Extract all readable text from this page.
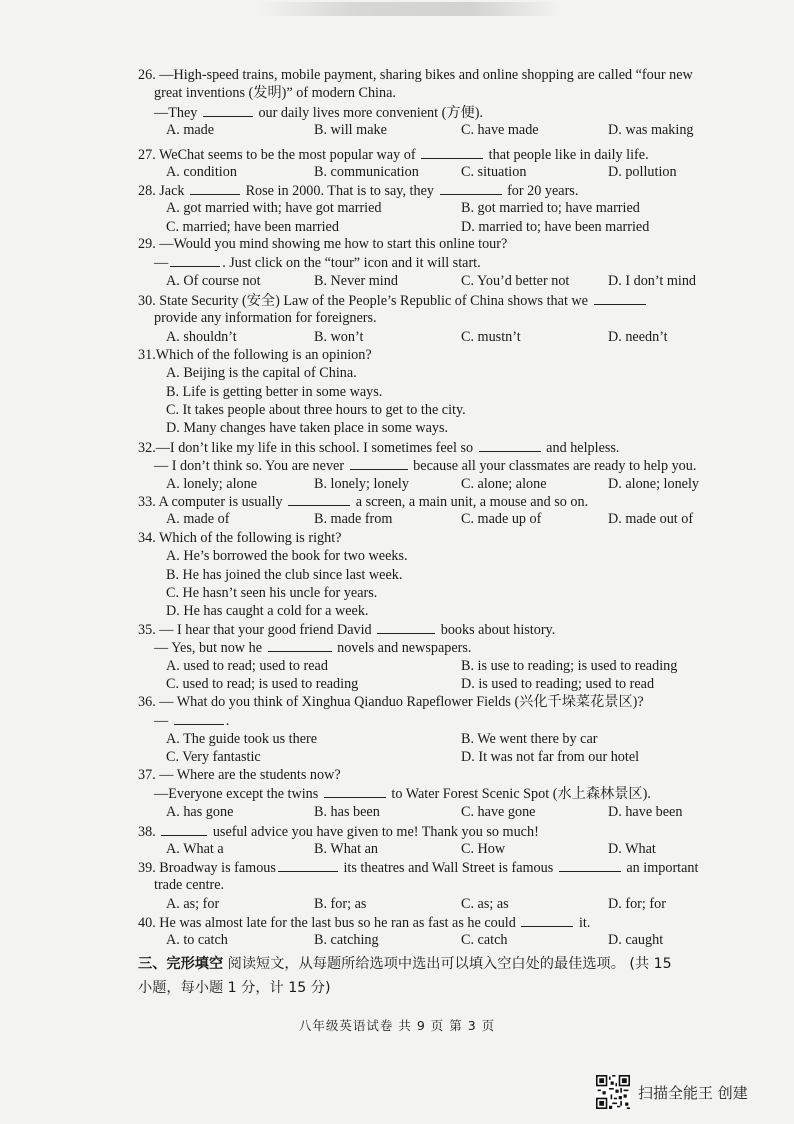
26. —High-speed trains, mobile payment, sharing bikes and online shopping are called “four new
great inventions (发明)” of modern China.
—They	our daily lives more convenient (方便).
A. made	B. will make	C. have made	D. was making
27. WeChat seems to be the most popular way of	that people like in daily life.
A. condition	B. communication	C. situation	D. pollution
28. Jack	Rose in 2000. That is to say, they	for 20 years.
A. got married with; have got married	B. got married to; have married
C. married; have been married	D. married to; have been married
29. —Would you mind showing me how to start this online tour?
—	. Just click on the “tour” icon and it will start.
A. Of course not	B. Never mind	C. You’d better not	D. I don’t mind
30. State Security (安全) Law of the People’s Republic of China shows that we
provide any information for foreigners.
A. shouldn’t	B. won’t	C. mustn’t	D. needn’t
31.Which of the following is an opinion?
A. Beijing is the capital of China.
B. Life is getting better in some ways.
C. It takes people about three hours to get to the city.
D. Many changes have taken place in some ways.
32.—I don’t like my life in this school. I sometimes feel so	and helpless.
— I don’t think so. You are never	because all your classmates are ready to help you.
A. lonely; alone	B. lonely; lonely	C. alone; alone	D. alone; lonely
33. A computer is usually	a screen, a main unit, a mouse and so on.
A. made of	B. made from	C. made up of	D. made out of
34. Which of the following is right?
A. He’s borrowed the book for two weeks.
B. He has joined the club since last week.
C. He hasn’t seen his uncle for years.
D. He has caught a cold for a week.
35. — I hear that your good friend David	books about history.
— Yes, but now he	novels and newspapers.
A. used to read; used to read	B. is use to reading; is used to reading
C. used to read; is used to reading	D. is used to reading; used to read
36. — What do you think of Xinghua Qianduo Rapeflower Fields (兴化千垛菜花景区)?
—	.
A. The guide took us there	B. We went there by car
C. Very fantastic	D. It was not far from our hotel
37. — Where are the students now?
—Everyone except the twins	to Water Forest Scenic Spot (水上森林景区).
A. has gone	B. has been	C. have gone	D. have been
38.	useful advice you have given to me! Thank you so much!
A. What a	B. What an	C. How	D. What
39. Broadway is famous	its theatres and Wall Street is famous	an important
trade centre.
A. as; for	B. for; as	C. as; as	D. for; for
40. He was almost late for the last bus so he ran as fast as he could	it.
A. to catch	B. catching	C. catch	D. caught
三、完形填空 阅读短文，从每题所给选项中选出可以填入空白处的最佳选项。 (共 15
小题，每小题 1 分，计 15 分)
八年级英语试卷 共 9 页 第 3 页
扫描全能王 创建
